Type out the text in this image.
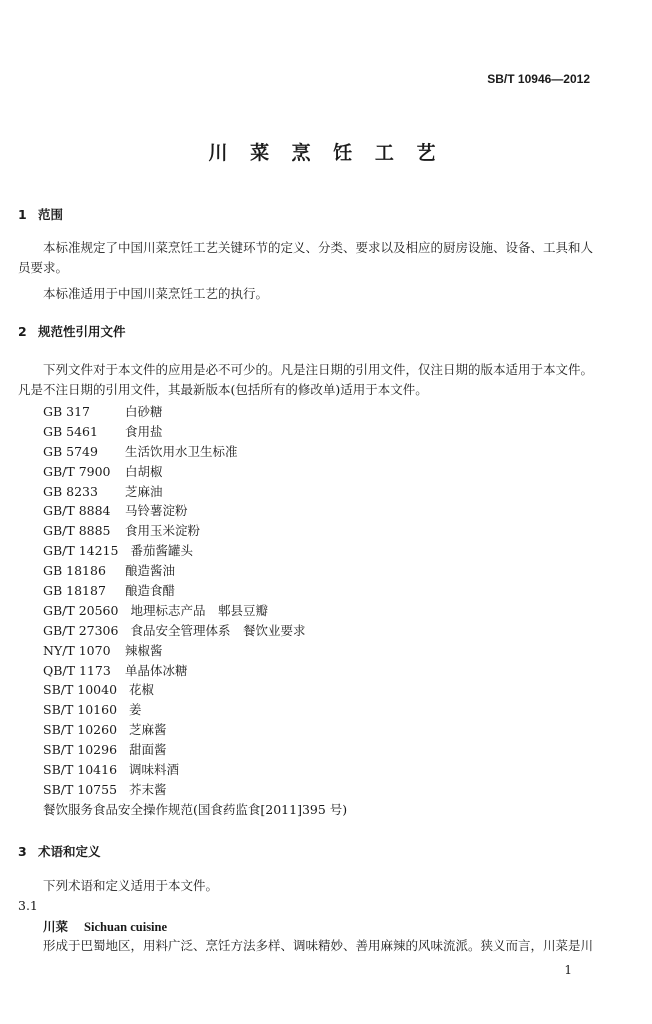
SB/T 10946—2012
川 菜 烹 饪 工 艺
1 范围
本标准规定了中国川菜烹饪工艺关键环节的定义、分类、要求以及相应的厨房设施、设备、工具和人员要求。
本标准适用于中国川菜烹饪工艺的执行。
2 规范性引用文件
下列文件对于本文件的应用是必不可少的。凡是注日期的引用文件，仅注日期的版本适用于本文件。凡是不注日期的引用文件，其最新版本(包括所有的修改单)适用于本文件。
GB 317	白砂糖
GB 5461 食用盐
GB 5749 生活饮用水卫生标准
GB/T 7900 白胡椒
GB 8233 芝麻油
GB/T 8884 马铃薯淀粉
GB/T 8885 食用玉米淀粉
GB/T 14215 番茄酱罐头
GB 18186 酿造酱油
GB 18187 酿造食醋
GB/T 20560 地理标志产品　郫县豆瓣
GB/T 27306 食品安全管理体系　餐饮业要求
NY/T 1070 辣椒酱
QB/T 1173 单晶体冰糖
SB/T 10040 花椒
SB/T 10160 姜
SB/T 10260 芝麻酱
SB/T 10296 甜面酱
SB/T 10416 调味料酒
SB/T 10755 芥末酱
餐饮服务食品安全操作规范(国食药监食[2011]395 号)
3 术语和定义
下列术语和定义适用于本文件。
3.1
川菜 Sichuan cuisine
形成于巴蜀地区，用料广泛、烹饪方法多样、调味精妙、善用麻辣的风味流派。狭义而言，川菜是川
1
